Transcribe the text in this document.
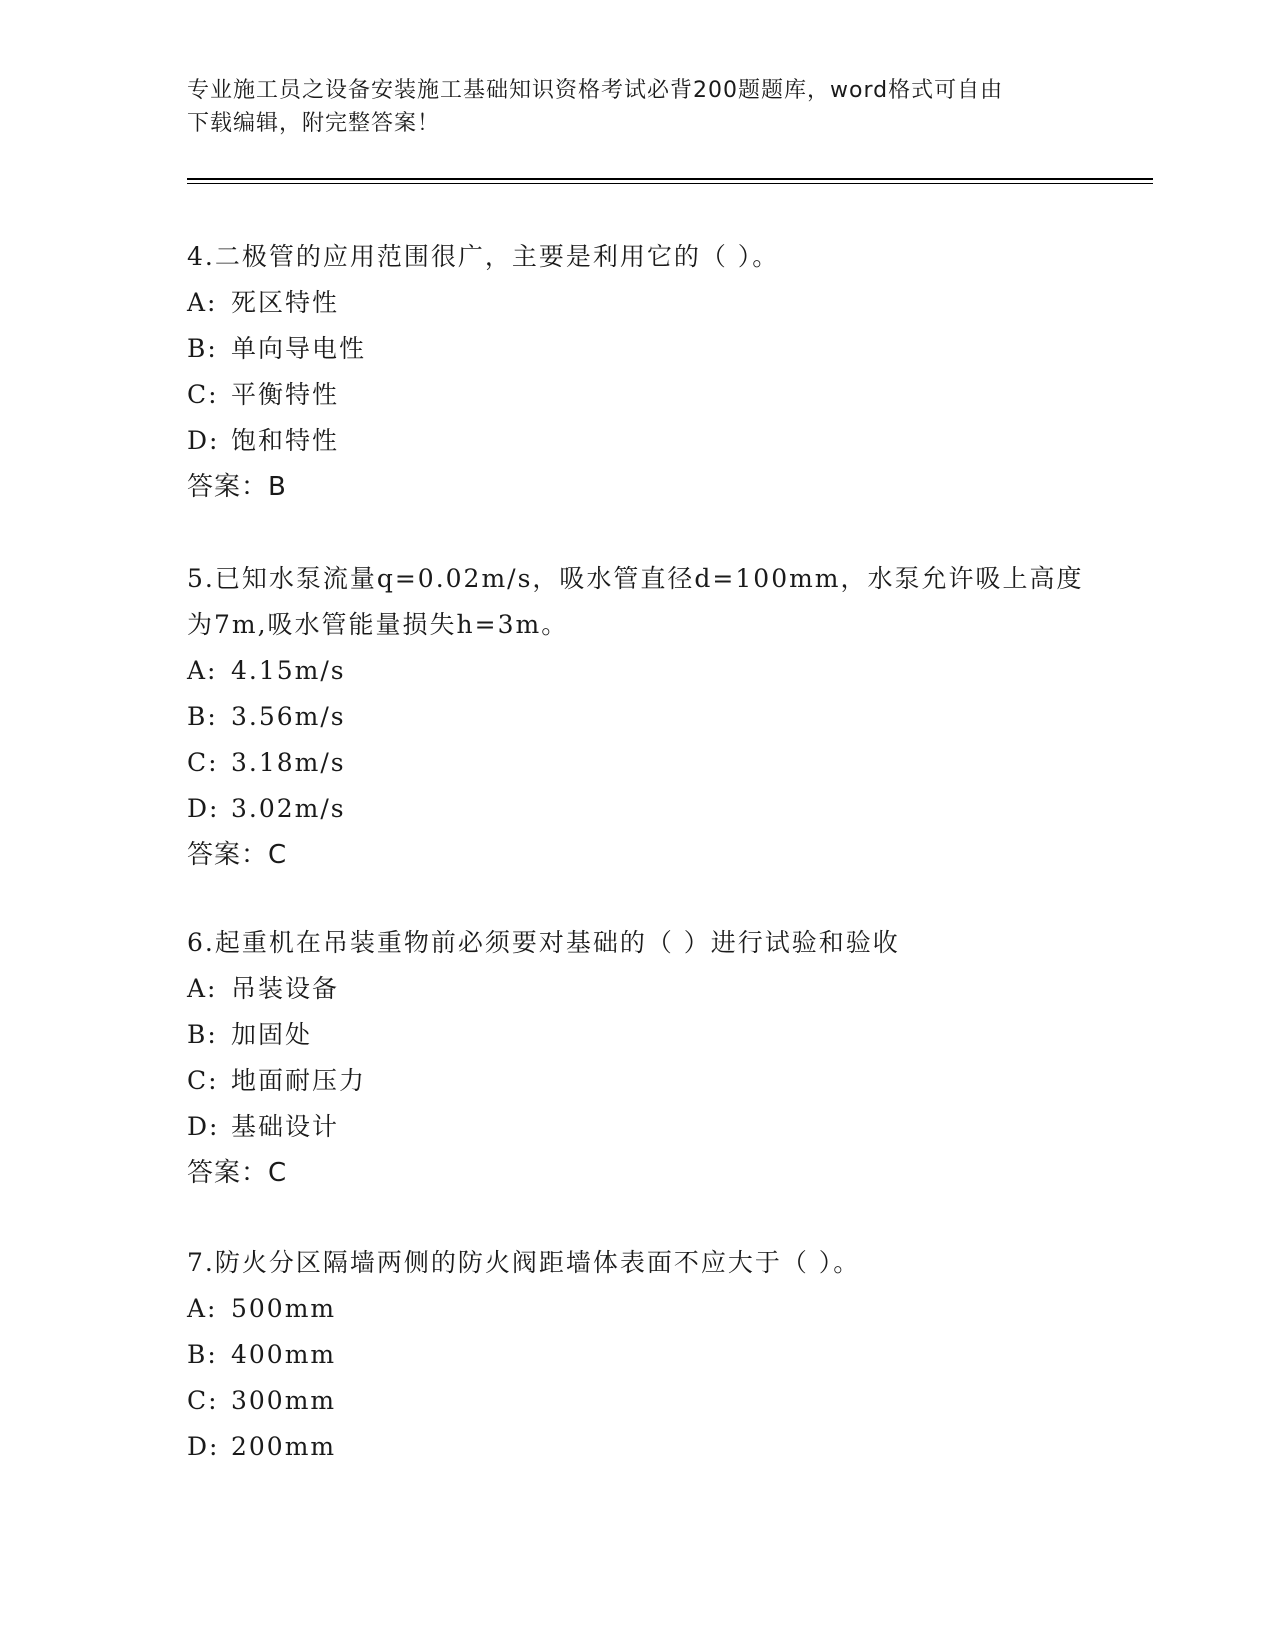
专业施工员之设备安装施工基础知识资格考试必背200题题库，word格式可自由
下载编辑，附完整答案！

4.二极管的应用范围很广，主要是利用它的（ ）。

A: 死区特性

B: 单向导电性

C: 平衡特性

D: 饱和特性

答案：B

5.已知水泵流量q=0.02m/s，吸水管直径d=100mm，水泵允许吸上高度

为7m,吸水管能量损失h=3m。

A: 4.15m/s

B: 3.56m/s

C: 3.18m/s

D: 3.02m/s

答案：C

6.起重机在吊装重物前必须要对基础的（ ）进行试验和验收

A: 吊装设备

B: 加固处

C: 地面耐压力

D: 基础设计

答案：C

7.防火分区隔墙两侧的防火阀距墙体表面不应大于（ ）。

A: 500mm

B: 400mm

C: 300mm

D: 200mm
